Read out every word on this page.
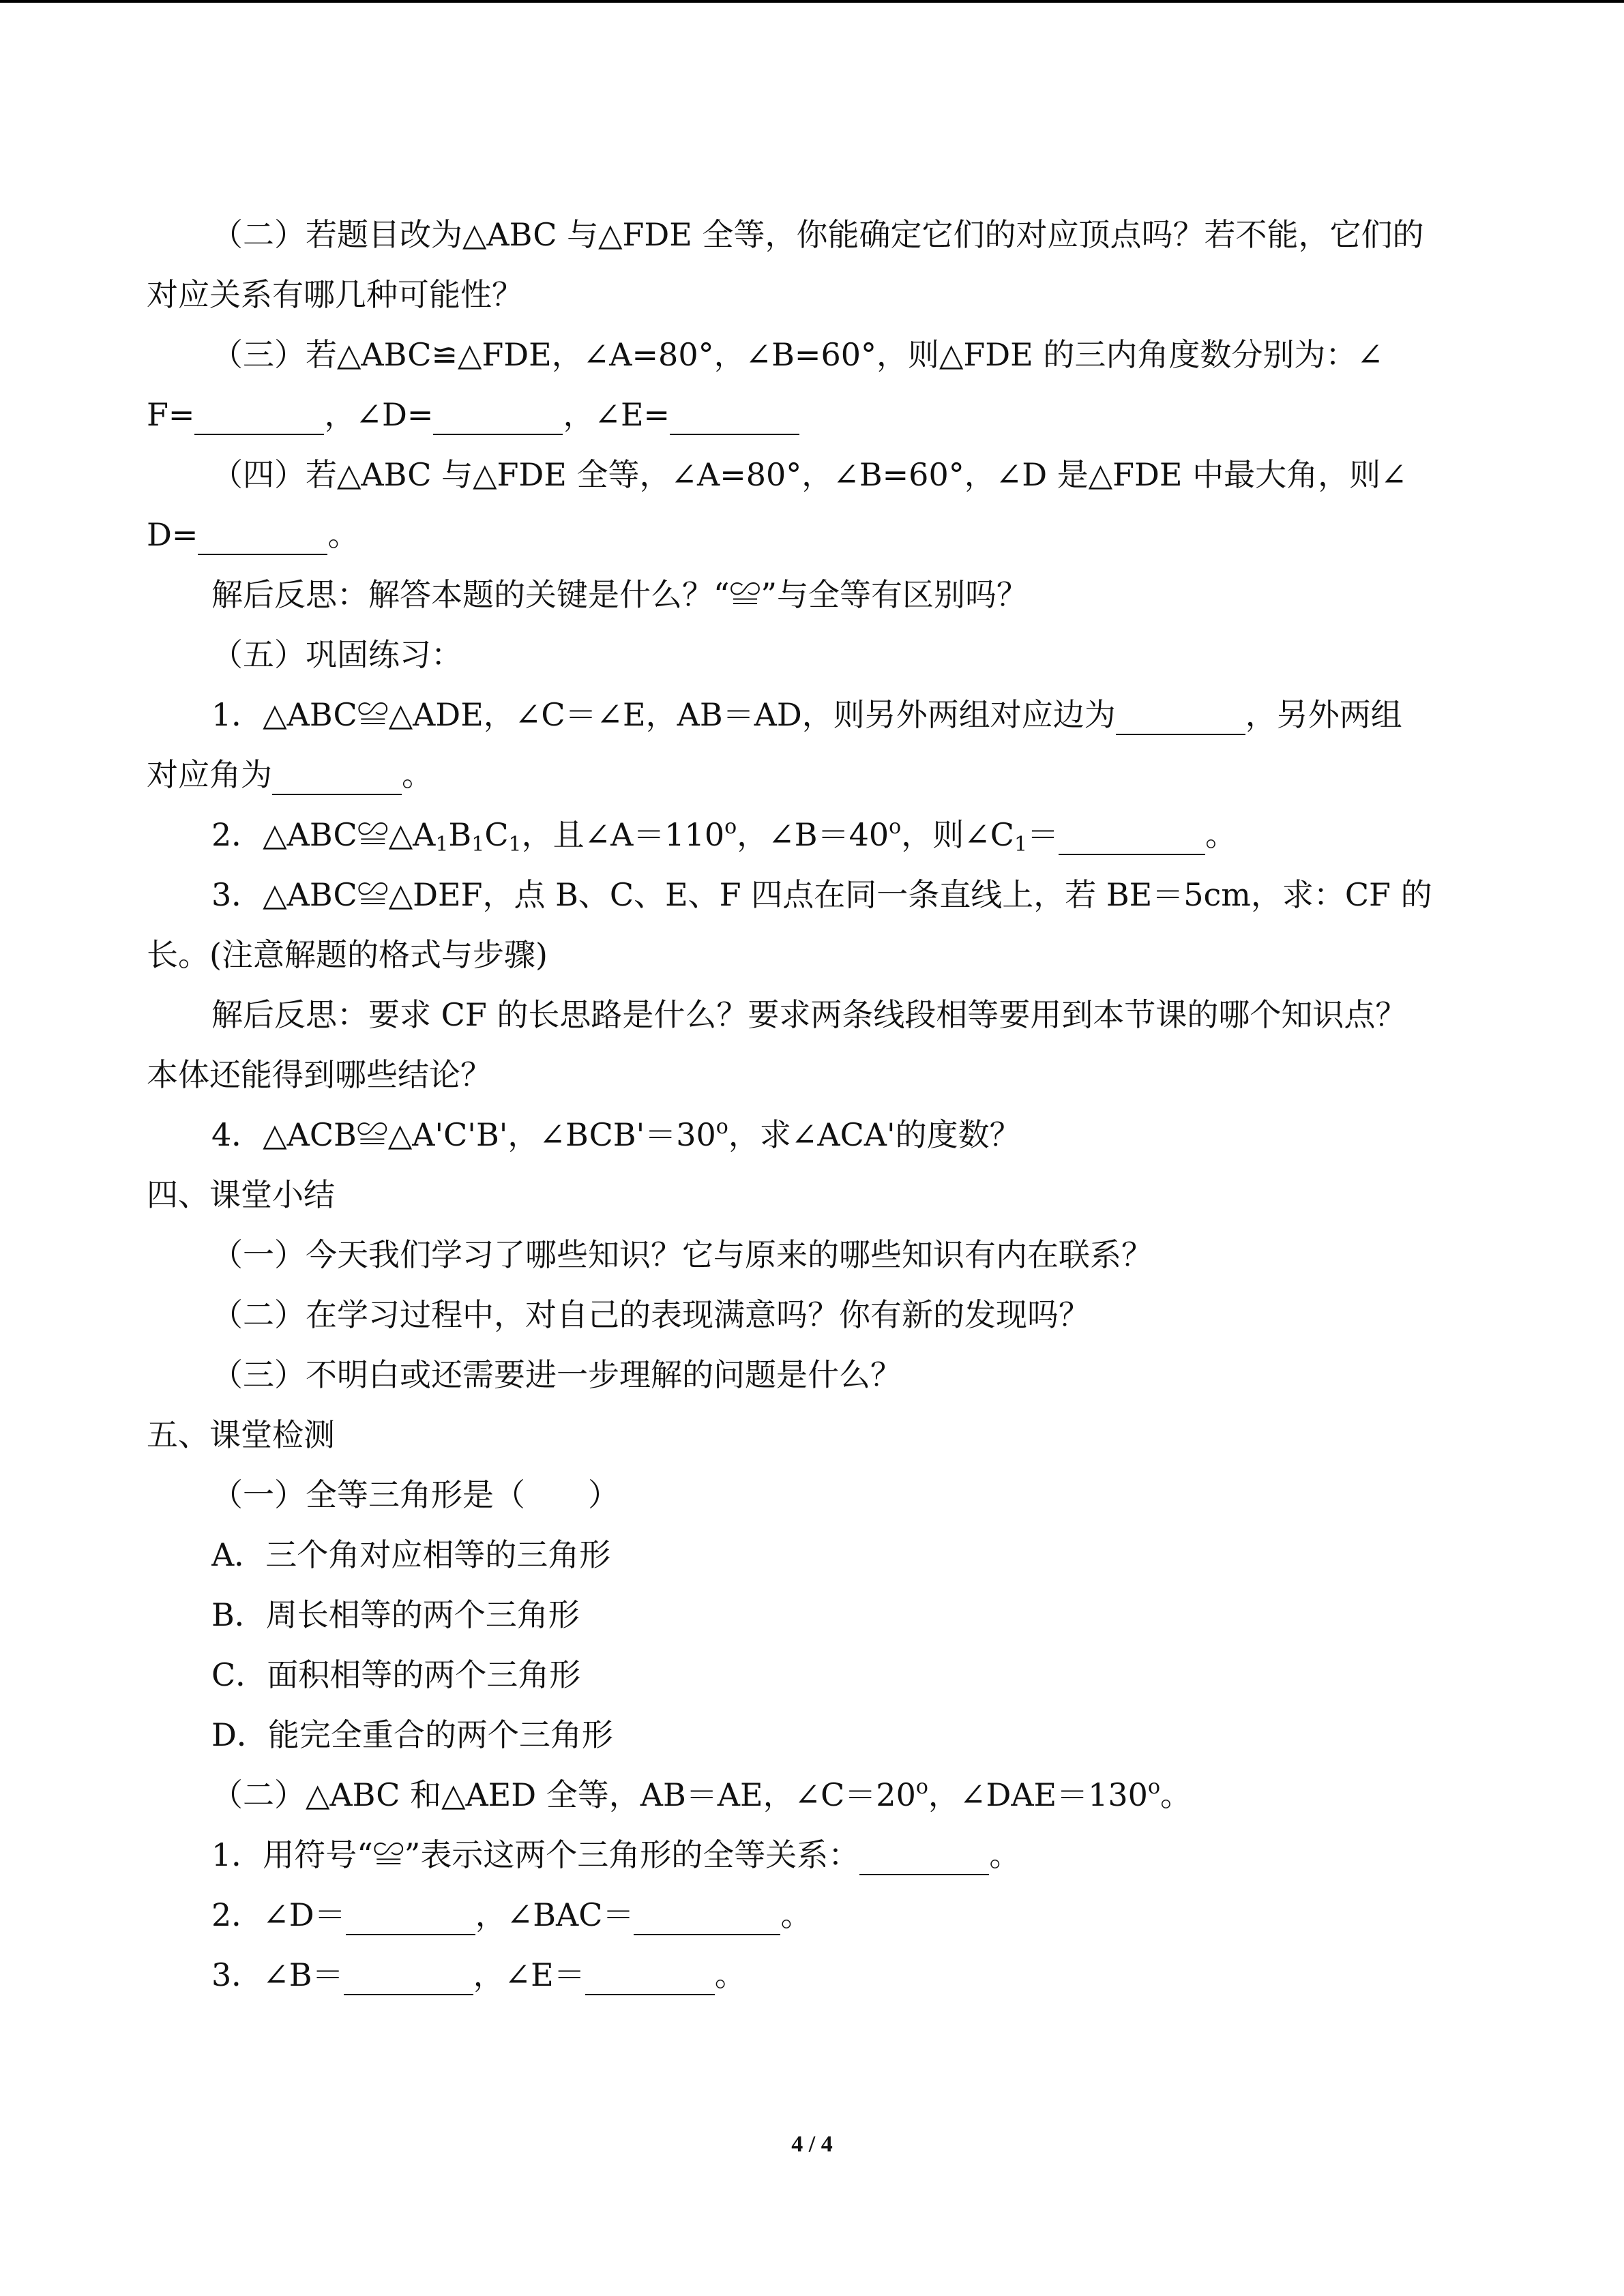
（二）若题目改为△ABC 与△FDE 全等，你能确定它们的对应顶点吗？若不能，它们的
对应关系有哪几种可能性？
（三）若△ABC≌△FDE，∠A=80°，∠B=60°，则△FDE 的三内角度数分别为：∠
F=	，∠D=	，∠E=
（四）若△ABC 与△FDE 全等，∠A=80°，∠B=60°，∠D 是△FDE 中最大角，则∠
D=	。
解后反思：解答本题的关键是什么？“≌”与全等有区别吗？
（五）巩固练习：
1．△ABC≌△ADE，∠C＝∠E，AB＝AD，则另外两组对应边为	，另外两组
对应角为	。
2．$\triangle ABC≌\triangle A_1B_1C_1$，且$\angle A=110^o$，$\angle B=40^o$，则$\angle C_1=$	。
3．△ABC≌△DEF，点 B、C、E、F 四点在同一条直线上，若 BE＝5cm，求：CF 的
长。(注意解题的格式与步骤)
解后反思：要求 CF 的长思路是什么？要求两条线段相等要用到本节课的哪个知识点？
本体还能得到哪些结论？
4．△ACB≌△A'C'B'，$\angle BCB'=30^o$，求∠ACA'的度数？
四、课堂小结
（一）今天我们学习了哪些知识？它与原来的哪些知识有内在联系？
（二）在学习过程中，对自己的表现满意吗？你有新的发现吗？
（三）不明白或还需要进一步理解的问题是什么？
五、课堂检测
（一）全等三角形是（　　）
A．三个角对应相等的三角形
B．周长相等的两个三角形
C．面积相等的两个三角形
D．能完全重合的两个三角形
（二）△ABC 和△AED 全等，AB＝AE，$\angle C=20^o$，$\angle DAE=130^o$。
1．用符号“≌”表示这两个三角形的全等关系：	。
2．∠D＝	，∠BAC＝	。
3．∠B＝	，∠E＝	。
4 / 4
